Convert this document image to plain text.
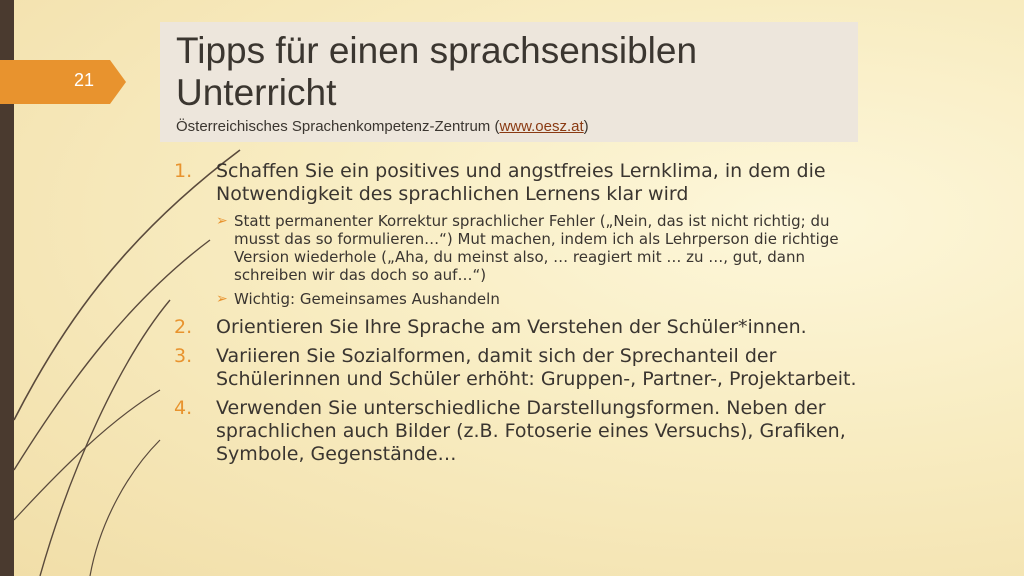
21
Tipps für einen sprachsensiblen Unterricht
Österreichisches Sprachenkompetenz-Zentrum (www.oesz.at)
1. Schaffen Sie ein positives und angstfreies Lernklima, in dem die Notwendigkeit des sprachlichen Lernens klar wird
➢ Statt permanenter Korrektur sprachlicher Fehler („Nein, das ist nicht richtig; du musst das so formulieren…“) Mut machen, indem ich als Lehrperson die richtige Version wiederhole („Aha, du meinst also, … reagiert mit … zu …, gut, dann schreiben wir das doch so auf…“)
➢ Wichtig: Gemeinsames Aushandeln
2. Orientieren Sie Ihre Sprache am Verstehen der Schüler*innen.
3. Variieren Sie Sozialformen, damit sich der Sprechanteil der Schülerinnen und Schüler erhöht: Gruppen-, Partner-, Projektarbeit.
4. Verwenden Sie unterschiedliche Darstellungsformen. Neben der sprachlichen auch Bilder (z.B. Fotoserie eines Versuchs), Grafiken, Symbole, Gegenstände…
